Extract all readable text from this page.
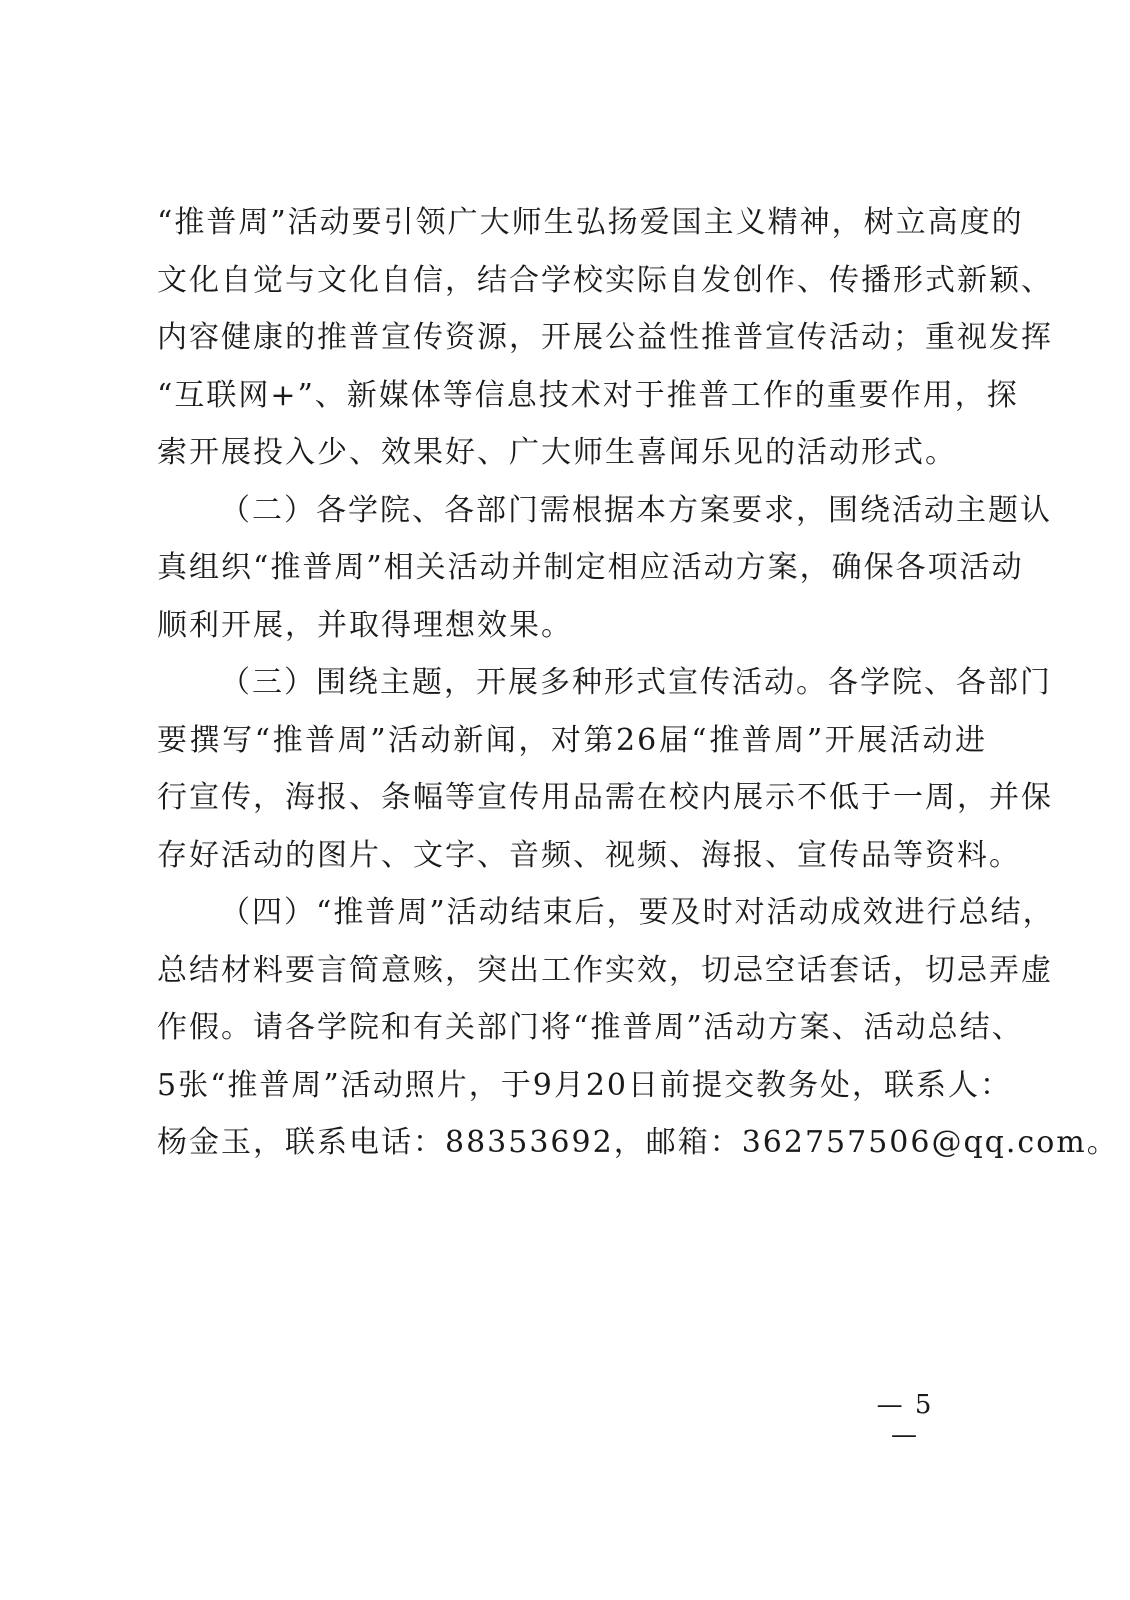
“推普周”活动要引领广大师生弘扬爱国主义精神，树立高度的
文化自觉与文化自信，结合学校实际自发创作、传播形式新颖、
内容健康的推普宣传资源，开展公益性推普宣传活动；重视发挥
“互联网+”、新媒体等信息技术对于推普工作的重要作用，探
索开展投入少、效果好、广大师生喜闻乐见的活动形式。
（二）各学院、各部门需根据本方案要求，围绕活动主题认
真组织“推普周”相关活动并制定相应活动方案，确保各项活动
顺利开展，并取得理想效果。
（三）围绕主题，开展多种形式宣传活动。各学院、各部门
要撰写“推普周”活动新闻，对第26届“推普周”开展活动进
行宣传，海报、条幅等宣传用品需在校内展示不低于一周，并保
存好活动的图片、文字、音频、视频、海报、宣传品等资料。
（四）“推普周”活动结束后，要及时对活动成效进行总结，
总结材料要言简意赅，突出工作实效，切忌空话套话，切忌弄虚
作假。请各学院和有关部门将“推普周”活动方案、活动总结、
5张“推普周”活动照片，于9月20日前提交教务处，联系人：
杨金玉，联系电话：88353692，邮箱：362757506@qq.com。
— 5 —
